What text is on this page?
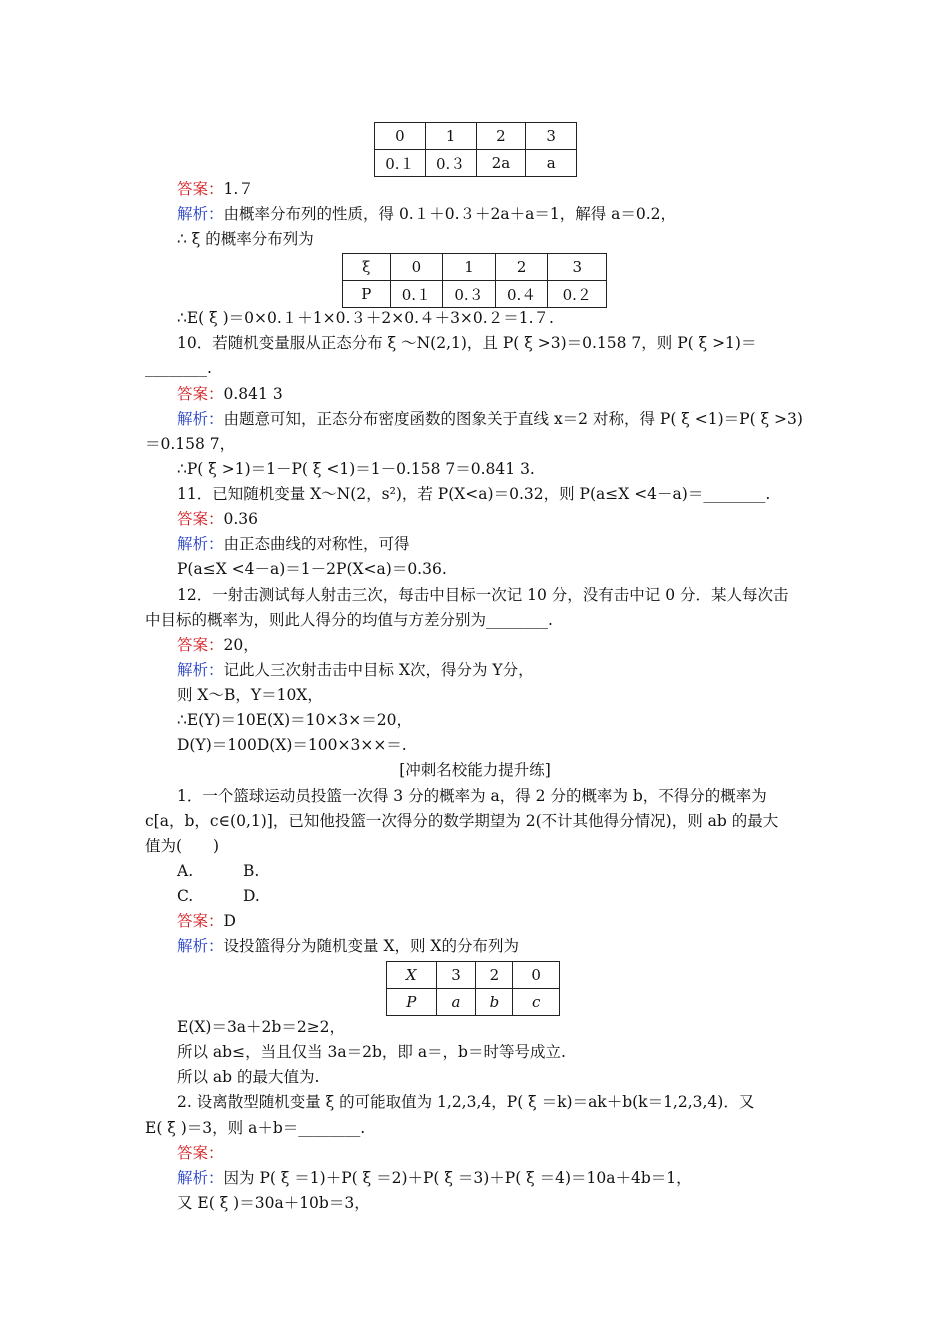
0	1	2	3
0.１	0.３	2a	a
答案：1.７
解析：由概率分布列的性质，得 0.１＋0.３＋2a＋a＝1，解得 a＝0.2，
∴ ξ 的概率分布列为
ξ	0	1	2	3
P	0.１	0.３	0.４	0.２
∴E( ξ )＝0×0.１＋1×0.３＋2×0.４＋3×0.２＝1.７.
10．若随机变量服从正态分布 ξ ～N(2,1)，且 P( ξ >3)＝0.158 7，则 P( ξ >1)＝
________.
答案：0.841 3
解析：由题意可知，正态分布密度函数的图象关于直线 x＝2 对称，得 P( ξ <1)＝P( ξ >3)
＝0.158 7，
∴P( ξ >1)＝1－P( ξ <1)＝1－0.158 7＝0.841 3.
11．已知随机变量 X～N(2，s²)，若 P(X<a)＝0.32，则 P(a≤X <4－a)＝________.
答案：0.36
解析：由正态曲线的对称性，可得
P(a≤X <4－a)＝1－2P(X<a)＝0.36.
12．一射击测试每人射击三次，每击中目标一次记 10 分，没有击中记 0 分．某人每次击
中目标的概率为，则此人得分的均值与方差分别为________.
答案：20，
解析：记此人三次射击击中目标 X次，得分为 Y分，
则 X～B，Y＝10X，
∴E(Y)＝10E(X)＝10×3×＝20，
D(Y)＝100D(X)＝100×3××＝.
[冲刺名校能力提升练]
1．一个篮球运动员投篮一次得 3 分的概率为 a，得 2 分的概率为 b，不得分的概率为
c[a，b，c∈(0,1)]，已知他投篮一次得分的数学期望为 2(不计其他得分情况)，则 ab 的最大
值为(　　)
A.	B.
C.	D.
答案：D
解析：设投篮得分为随机变量 X，则 X的分布列为
X	3	2	0
P	a	b	c
E(X)＝3a＋2b＝2≥2，
所以 ab≤，当且仅当 3a＝2b，即 a＝，b＝时等号成立.
所以 ab 的最大值为.
2. 设离散型随机变量 ξ 的可能取值为 1,2,3,4，P( ξ ＝k)＝ak＋b(k＝1,2,3,4)．又
E( ξ )＝3，则 a＋b＝________.
答案：
解析：因为 P( ξ ＝1)＋P( ξ ＝2)＋P( ξ ＝3)＋P( ξ ＝4)＝10a＋4b＝1，
又 E( ξ )＝30a＋10b＝3，
